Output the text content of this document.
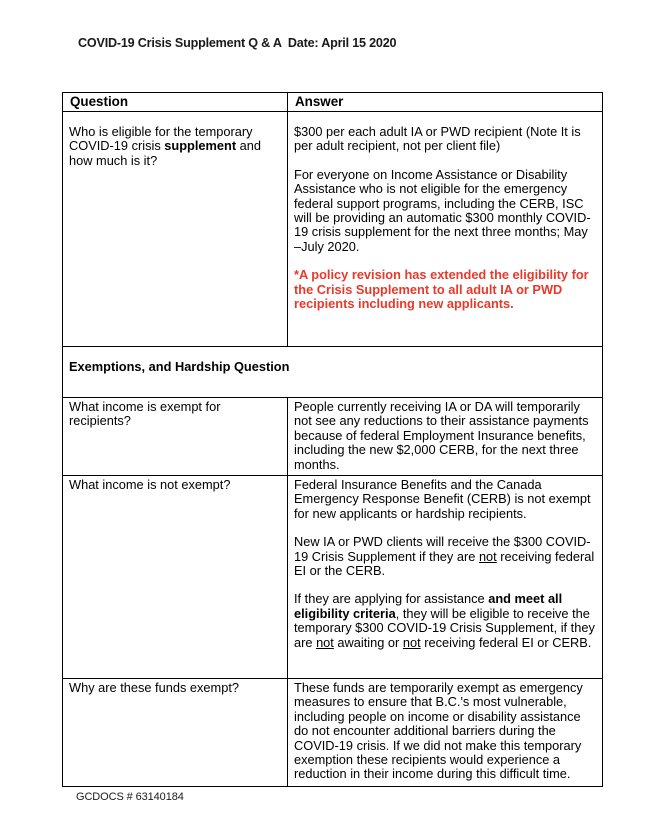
COVID-19 Crisis Supplement Q & A  Date: April 15 2020
Question	Answer

Who is eligible for the temporary COVID-19 crisis supplement and how much is it?	$300 per each adult IA or PWD recipient (Note It is per adult recipient, not per client file)

For everyone on Income Assistance or Disability Assistance who is not eligible for the emergency federal support programs, including the CERB, ISC will be providing an automatic $300 monthly COVID-19 crisis supplement for the next three months; May –July 2020.

*A policy revision has extended the eligibility for the Crisis Supplement to all adult IA or PWD recipients including new applicants.

Exemptions, and Hardship Question	

What income is exempt for recipients?	People currently receiving IA or DA will temporarily not see any reductions to their assistance payments because of federal Employment Insurance benefits, including the new $2,000 CERB, for the next three months.

What income is not exempt?	Federal Insurance Benefits and the Canada Emergency Response Benefit (CERB) is not exempt for new applicants or hardship recipients.

New IA or PWD clients will receive the $300 COVID-19 Crisis Supplement if they are not receiving federal EI or the CERB.

If they are applying for assistance and meet all eligibility criteria, they will be eligible to receive the temporary $300 COVID-19 Crisis Supplement, if they are not awaiting or not receiving federal EI or CERB.

Why are these funds exempt?	These funds are temporarily exempt as emergency measures to ensure that B.C.'s most vulnerable, including people on income or disability assistance do not encounter additional barriers during the COVID-19 crisis. If we did not make this temporary exemption these recipients would experience a reduction in their income during this difficult time.

GCDOCS # 63140184
